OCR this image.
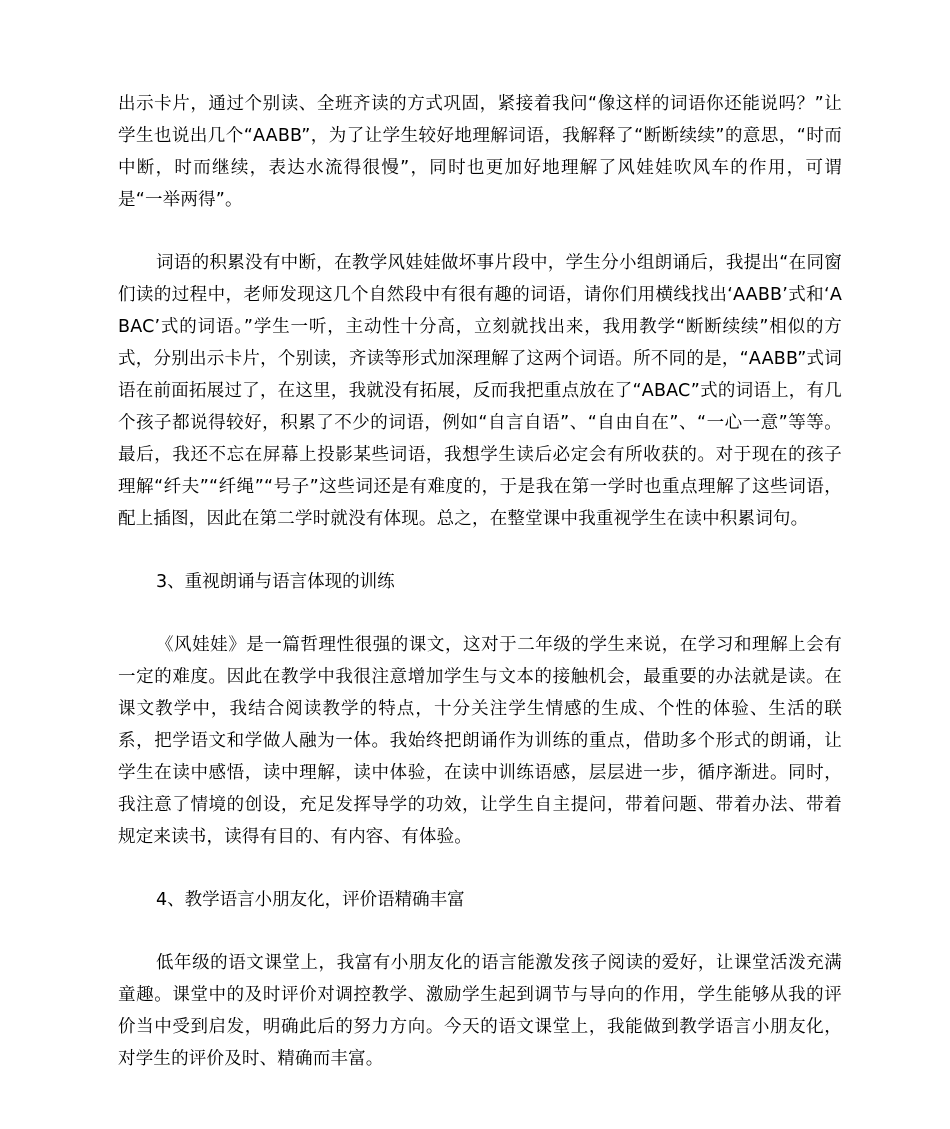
出示卡片，通过个别读、全班齐读的方式巩固，紧接着我问“像这样的词语你还能说吗？”让学生也说出几个“AABB”，为了让学生较好地理解词语，我解释了“断断续续”的意思，“时而中断，时而继续，表达水流得很慢”，同时也更加好地理解了风娃娃吹风车的作用，可谓是“一举两得”。

词语的积累没有中断，在教学风娃娃做坏事片段中，学生分小组朗诵后，我提出“在同窗们读的过程中，老师发现这几个自然段中有很有趣的词语，请你们用横线找出‘AABB’式和‘ABAC’式的词语。”学生一听，主动性十分高，立刻就找出来，我用教学“断断续续”相似的方式，分别出示卡片，个别读，齐读等形式加深理解了这两个词语。所不同的是，“AABB”式词语在前面拓展过了，在这里，我就没有拓展，反而我把重点放在了“ABAC”式的词语上，有几个孩子都说得较好，积累了不少的词语，例如“自言自语”、“自由自在”、“一心一意”等等。最后，我还不忘在屏幕上投影某些词语，我想学生读后必定会有所收获的。对于现在的孩子理解“纤夫”“纤绳”“号子”这些词还是有难度的，于是我在第一学时也重点理解了这些词语，配上插图，因此在第二学时就没有体现。总之，在整堂课中我重视学生在读中积累词句。

3、重视朗诵与语言体现的训练

《风娃娃》是一篇哲理性很强的课文，这对于二年级的学生来说，在学习和理解上会有一定的难度。因此在教学中我很注意增加学生与文本的接触机会，最重要的办法就是读。在课文教学中，我结合阅读教学的特点，十分关注学生情感的生成、个性的体验、生活的联系，把学语文和学做人融为一体。我始终把朗诵作为训练的重点，借助多个形式的朗诵，让学生在读中感悟，读中理解，读中体验，在读中训练语感，层层进一步，循序渐进。同时，我注意了情境的创设，充足发挥导学的功效，让学生自主提问，带着问题、带着办法、带着规定来读书，读得有目的、有内容、有体验。

4、教学语言小朋友化，评价语精确丰富

低年级的语文课堂上，我富有小朋友化的语言能激发孩子阅读的爱好，让课堂活泼充满童趣。课堂中的及时评价对调控教学、激励学生起到调节与导向的作用，学生能够从我的评价当中受到启发，明确此后的努力方向。今天的语文课堂上，我能做到教学语言小朋友化，对学生的评价及时、精确而丰富。
